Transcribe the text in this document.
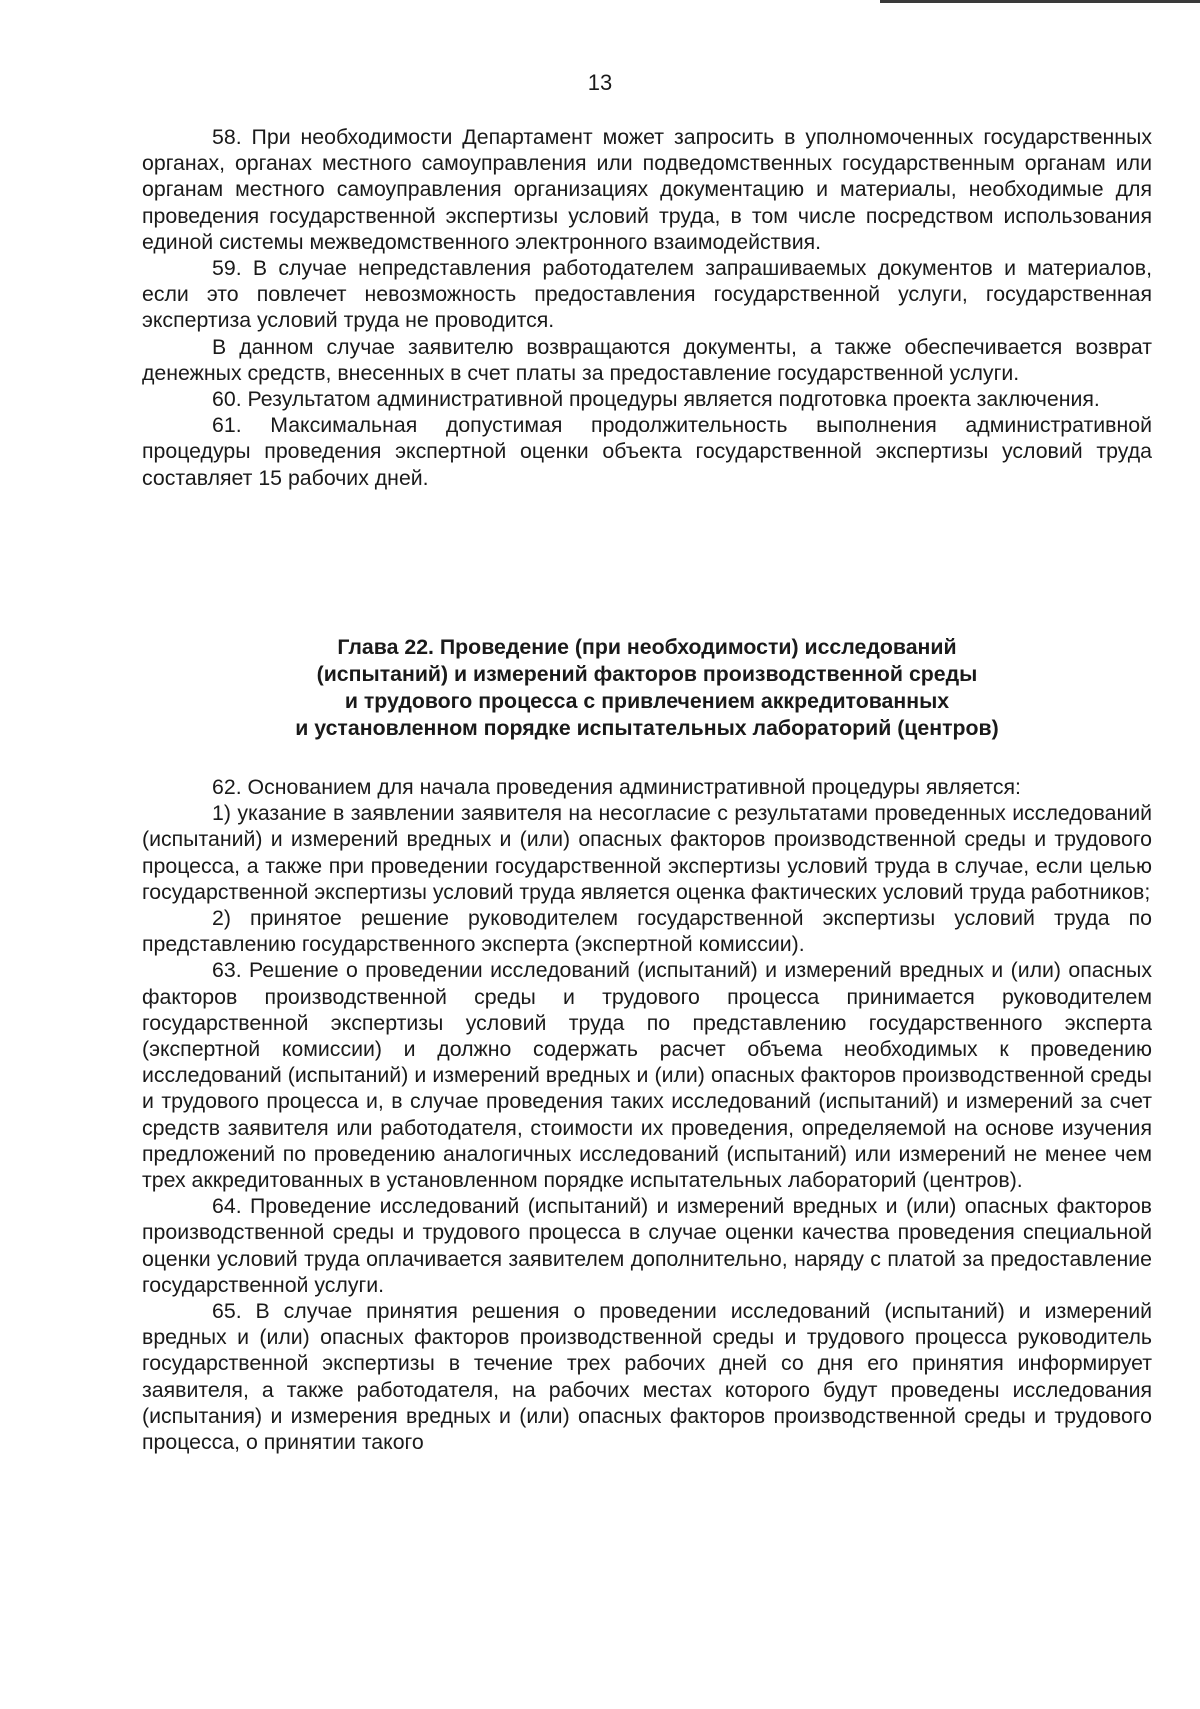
13

58. При необходимости Департамент может запросить в уполномоченных государственных органах, органах местного самоуправления или подведомственных государственным органам или органам местного самоуправления организациях документацию и материалы, необходимые для проведения государственной экспертизы условий труда, в том числе посредством использования единой системы межведомственного электронного взаимодействия.

59. В случае непредставления работодателем запрашиваемых документов и материалов, если это повлечет невозможность предоставления государственной услуги, государственная экспертиза условий труда не проводится.

В данном случае заявителю возвращаются документы, а также обеспечивается возврат денежных средств, внесенных в счет платы за предоставление государственной услуги.

60. Результатом административной процедуры является подготовка проекта заключения.

61. Максимальная допустимая продолжительность выполнения административной процедуры проведения экспертной оценки объекта государственной экспертизы условий труда составляет 15 рабочих дней.

Глава 22. Проведение (при необходимости) исследований
(испытаний) и измерений факторов производственной среды
и трудового процесса с привлечением аккредитованных
и установленном порядке испытательных лабораторий (центров)

62. Основанием для начала проведения административной процедуры является:

1) указание в заявлении заявителя на несогласие с результатами проведенных исследований (испытаний) и измерений вредных и (или) опасных факторов производственной среды и трудового процесса, а также при проведении государственной экспертизы условий труда в случае, если целью государственной экспертизы условий труда является оценка фактических условий труда работников;

2) принятое решение руководителем государственной экспертизы условий труда по представлению государственного эксперта (экспертной комиссии).

63. Решение о проведении исследований (испытаний) и измерений вредных и (или) опасных факторов производственной среды и трудового процесса принимается руководителем государственной экспертизы условий труда по представлению государственного эксперта (экспертной комиссии) и должно содержать расчет объема необходимых к проведению исследований (испытаний) и измерений вредных и (или) опасных факторов производственной среды и трудового процесса и, в случае проведения таких исследований (испытаний) и измерений за счет средств заявителя или работодателя, стоимости их проведения, определяемой на основе изучения предложений по проведению аналогичных исследований (испытаний) или измерений не менее чем трех аккредитованных в установленном порядке испытательных лабораторий (центров).

64. Проведение исследований (испытаний) и измерений вредных и (или) опасных факторов производственной среды и трудового процесса в случае оценки качества проведения специальной оценки условий труда оплачивается заявителем дополнительно, наряду с платой за предоставление государственной услуги.

65. В случае принятия решения о проведении исследований (испытаний) и измерений вредных и (или) опасных факторов производственной среды и трудового процесса руководитель государственной экспертизы в течение трех рабочих дней со дня его принятия информирует заявителя, а также работодателя, на рабочих местах которого будут проведены исследования (испытания) и измерения вредных и (или) опасных факторов производственной среды и трудового процесса, о принятии такого
